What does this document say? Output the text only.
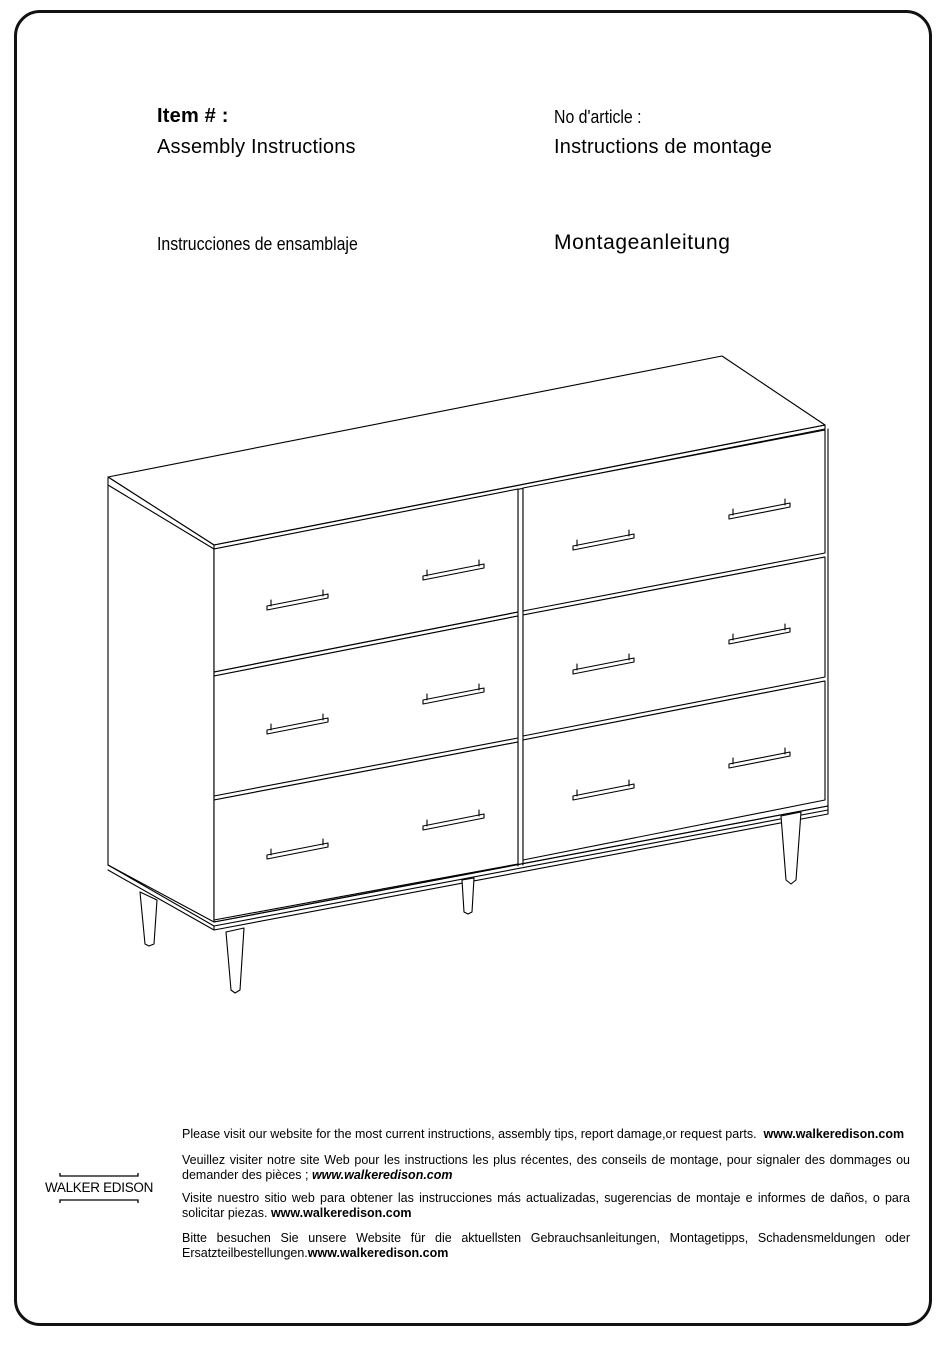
Item # :
Assembly Instructions
No d'article :
Instructions de montage
Instrucciones de ensamblaje	Montageanleitung
Please visit our website for the most current instructions, assembly tips, report damage,or request parts. www.walkeredison.com
Veuillez visiter notre site Web pour les instructions les plus récentes, des conseils de montage, pour signaler des dommages ou demander des pièces ; www.walkeredison.com
Visite nuestro sitio web para obtener las instrucciones más actualizadas, sugerencias de montaje e informes de daños, o para solicitar piezas. www.walkeredison.com
Bitte besuchen Sie unsere Website für die aktuellsten Gebrauchsanleitungen, Montagetipps, Schadensmeldungen oder Ersatzteilbestellungen.www.walkeredison.com
WALKER EDISON
